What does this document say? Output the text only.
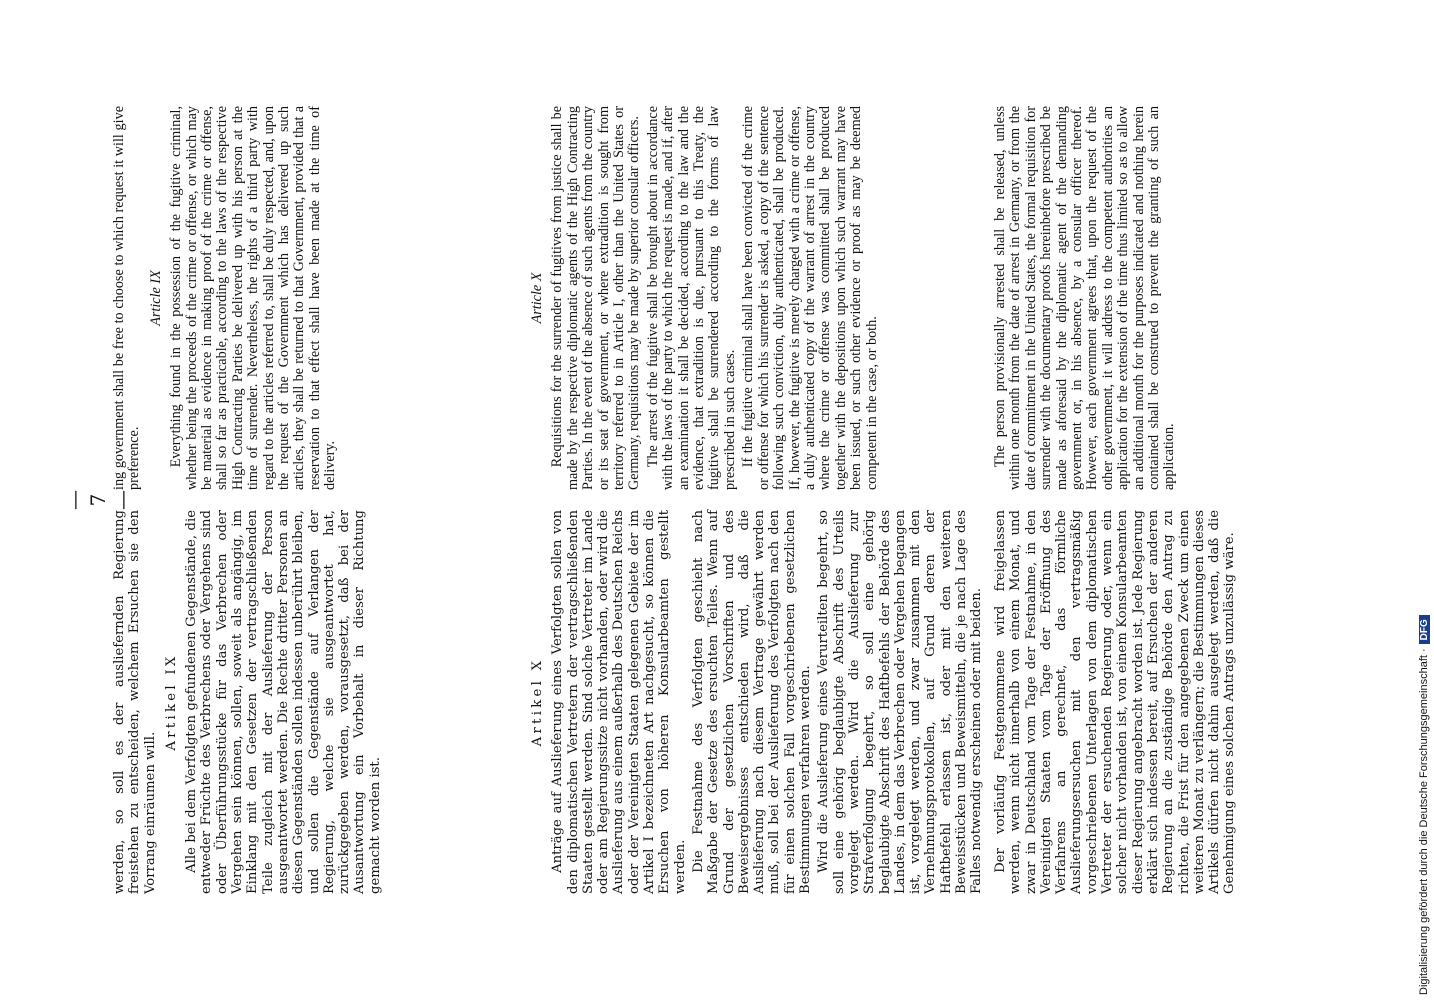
— 7 —

werden, so soll es der ausliefernden Regierung freistehen zu entscheiden, welchem Ersuchen sie den Vorrang einräumen will.

Artikel IX Alle bei dem Verfolgten gefundenen Gegenstände, die entweder Früchte des Verbrechens oder Vergehens sind oder Überführungsstücke für das Verbrechen oder Vergehen sein können, sollen, soweit als angängig, im Einklang mit den Gesetzen der vertragschließenden Teile zugleich mit der Auslieferung der Person ausgeantwortet werden. Die Rechte dritter Personen an diesen Gegenständen sollen indessen unberührt bleiben, und sollen die Gegenstände auf Verlangen der Regierung, welche sie ausgeantwortet hat, zurückgegeben werden, vorausgesetzt, daß bei der Ausantwortung ein Vorbehalt in dieser Richtung gemacht worden ist.

ing government shall be free to choose to which request it will give preference.

Article IX Everything found in the possession of the fugitive criminal, whether being the proceeds of the crime or offense, or which may be material as evidence in making proof of the crime or offense, shall so far as practicable, according to the laws of the respective High Contracting Parties be delivered up with his person at the time of surrender. Nevertheless, the rights of a third party with regard to the articles referred to, shall be duly respected, and, upon the request of the Government which has delivered up such articles, they shall be returned to that Government, provided that a reservation to that effect shall have been made at the time of delivery.

Artikel X Anträge auf Auslieferung eines Verfolgten sollen von den diplomatischen Vertretern der vertragschließenden Staaten gestellt werden. Sind solche Vertreter im Lande oder am Regierungssitze nicht vorhanden, oder wird die Auslieferung aus einem außerhalb des Deutschen Reichs oder der Vereinigten Staaten gelegenen Gebiete der im Artikel I bezeichneten Art nachgesucht, so können die Ersuchen von höheren Konsularbeamten gestellt werden. Die Festnahme des Verfolgten geschieht nach Maßgabe der Gesetze des ersuchten Teiles. Wenn auf Grund der gesetzlichen Vorschriften und des Beweisergebnisses entschieden wird, daß die Auslieferung nach diesem Vertrage gewährt werden muß, soll bei der Auslieferung des Verfolgten nach den für einen solchen Fall vorgeschriebenen gesetzlichen Bestimmungen verfahren werden. Wird die Auslieferung eines Verurteilten begehrt, so soll eine gehörig beglaubigte Abschrift des Urteils vorgelegt werden. Wird die Auslieferung zur Strafverfolgung begehrt, so soll eine gehörig beglaubigte Abschrift des Haftbefehls der Behörde des Landes, in dem das Verbrechen oder Vergehen begangen ist, vorgelegt werden, und zwar zusammen mit den Vernehmungsprotokollen, auf Grund deren der Haftbefehl erlassen ist, oder mit den weiteren Beweisstücken und Beweismitteln, die je nach Lage des Falles notwendig erscheinen oder mit beiden.

Article X Requisitions for the surrender of fugitives from justice shall be made by the respective diplomatic agents of the High Contracting Parties. In the event of the absence of such agents from the country or its seat of government, or where extradition is sought from territory referred to in Article I, other than the United States or Germany, requisitions may be made by superior consular officers. The arrest of the fugitive shall be brought about in accordance with the laws of the party to which the request is made, and if, after an examination it shall be decided, according to the law and the evidence, that extradition is due, pursuant to this Treaty, the fugitive shall be surrendered according to the forms of law prescribed in such cases. If the fugitive criminal shall have been convicted of the crime or offense for which his surrender is asked, a copy of the sentence following such conviction, duly authenticated, shall be produced. If, however, the fugitive is merely charged with a crime or offense, a duly authenticated copy of the warrant of arrest in the country where the crime or offense was committed shall be produced together with the depositions upon which such warrant may have been issued, or such other evidence or proof as may be deemed competent in the case, or both.

Der vorläufig Festgenommene wird freigelassen werden, wenn nicht innerhalb von einem Monat, und zwar in Deutschland vom Tage der Festnahme, in den Vereinigten Staaten vom Tage der Eröffnung des Verfahrens an gerechnet, das förmliche Auslieferungsersuchen mit den vertragsmäßig vorgeschriebenen Unterlagen von dem diplomatischen Vertreter der ersuchenden Regierung oder, wenn ein solcher nicht vorhanden ist, von einem Konsularbeamten dieser Regierung angebracht worden ist. Jede Regierung erklärt sich indessen bereit, auf Ersuchen der anderen Regierung an die zuständige Behörde den Antrag zu richten, die Frist für den angegebenen Zweck um einen weiteren Monat zu verlängern; die Bestimmungen dieses Artikels dürfen nicht dahin ausgelegt werden, daß die Genehmigung eines solchen Antrags unzulässig wäre.

The person provisionally arrested shall be released, unless within one month from the date of arrest in Germany, or from the date of commitment in the United States, the formal requisition for surrender with the documentary proofs hereinbefore prescribed be made as aforesaid by the diplomatic agent of the demanding government or, in his absence, by a consular officer thereof. However, each government agrees that, upon the request of the other government, it will address to the competent authorities an application for the extension of the time thus limited so as to allow an additional month for the purposes indicated and nothing herein contained shall be construed to prevent the granting of such an application.

Digitalisierung gefördert durch die Deutsche Forschungsgemeinschaft ·DFG
